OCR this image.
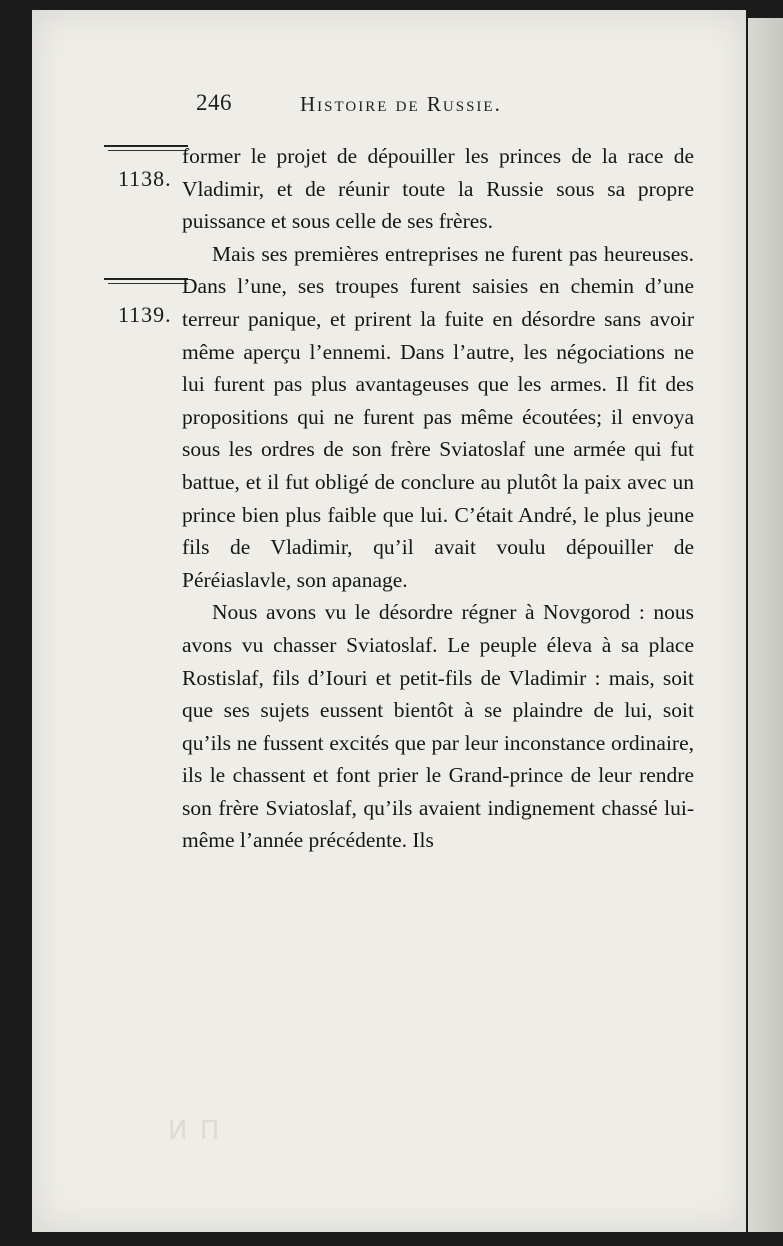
246	Histoire de Russie.
1138.
1139.

former le projet de dépouiller les princes de la race de Vladimir, et de réunir toute la Russie sous sa propre puissance et sous celle de ses frères.

Mais ses premières entreprises ne furent pas heureuses. Dans l’une, ses troupes furent saisies en chemin d’une terreur panique, et prirent la fuite en désordre sans avoir même aperçu l’ennemi. Dans l’autre, les négociations ne lui furent pas plus avantageuses que les armes. Il fit des propositions qui ne furent pas même écoutées; il envoya sous les ordres de son frère Sviatoslaf une armée qui fut battue, et il fut obligé de conclure au plutôt la paix avec un prince bien plus faible que lui. C’était André, le plus jeune fils de Vladimir, qu’il avait voulu dépouiller de Péréiaslavle, son apanage.

Nous avons vu le désordre régner à Novgorod : nous avons vu chasser Sviatoslaf. Le peuple éleva à sa place Rostislaf, fils d’Iouri et petit-fils de Vladimir : mais, soit que ses sujets eussent bientôt à se plaindre de lui, soit qu’ils ne fussent excités que par leur inconstance ordinaire, ils le chassent et font prier le Grand-prince de leur rendre son frère Sviatoslaf, qu’ils avaient indignement chassé lui-même l’année précédente. Ils

И П
